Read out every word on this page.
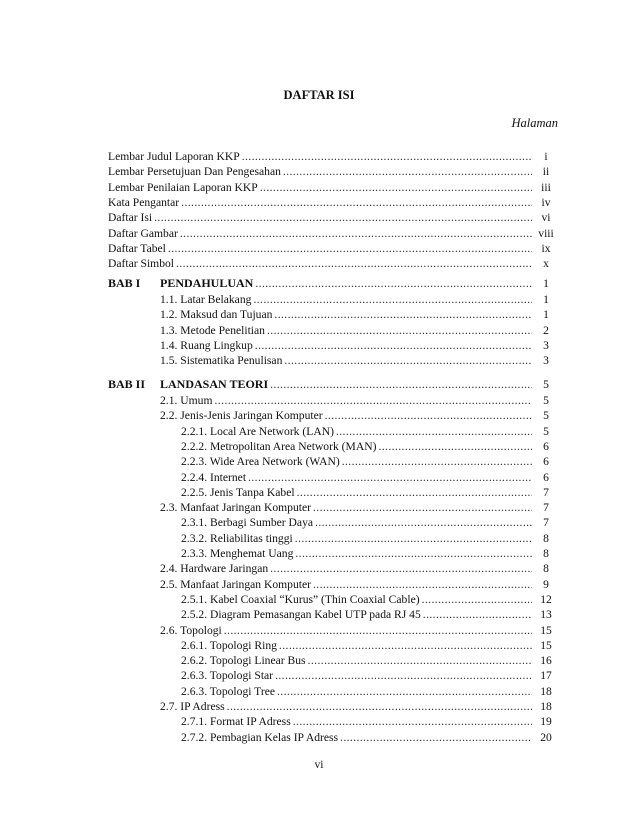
DAFTAR ISI
Halaman
Lembar Judul Laporan KKP .....	i
Lembar Persetujuan Dan Pengesahan .....	ii
Lembar Penilaian Laporan KKP .....	iii
Kata Pengantar .....	iv
Daftar Isi .....	vi
Daftar Gambar .....	viii
Daftar Tabel .....	ix
Daftar Simbol .....	x
BAB I	PENDAHULUAN .....	1
1.1. Latar Belakang .....	1
1.2. Maksud dan Tujuan .....	1
1.3. Metode Penelitian .....	2
1.4. Ruang Lingkup .....	3
1.5. Sistematika Penulisan .....	3
BAB II	LANDASAN TEORI .....	5
2.1. Umum .....	5
2.2. Jenis-Jenis Jaringan Komputer .....	5
2.2.1. Local Are Network (LAN) .....	5
2.2.2. Metropolitan Area Network (MAN) .....	6
2.2.3. Wide Area Network (WAN) .....	6
2.2.4. Internet .....	6
2.2.5. Jenis Tanpa Kabel .....	7
2.3. Manfaat Jaringan Komputer .....	7
2.3.1. Berbagi Sumber Daya .....	7
2.3.2. Reliabilitas tinggi .....	8
2.3.3. Menghemat Uang .....	8
2.4. Hardware Jaringan .....	8
2.5. Manfaat Jaringan Komputer .....	9
2.5.1. Kabel Coaxial “Kurus” (Thin Coaxial Cable) .....	12
2.5.2. Diagram Pemasangan Kabel UTP pada RJ 45 .....	13
2.6. Topologi .....	15
2.6.1. Topologi Ring .....	15
2.6.2. Topologi Linear Bus .....	16
2.6.3. Topologi Star .....	17
2.6.3. Topologi Tree .....	18
2.7. IP Adress .....	18
2.7.1. Format IP Adress .....	19
2.7.2. Pembagian Kelas IP Adress .....	20
vi
